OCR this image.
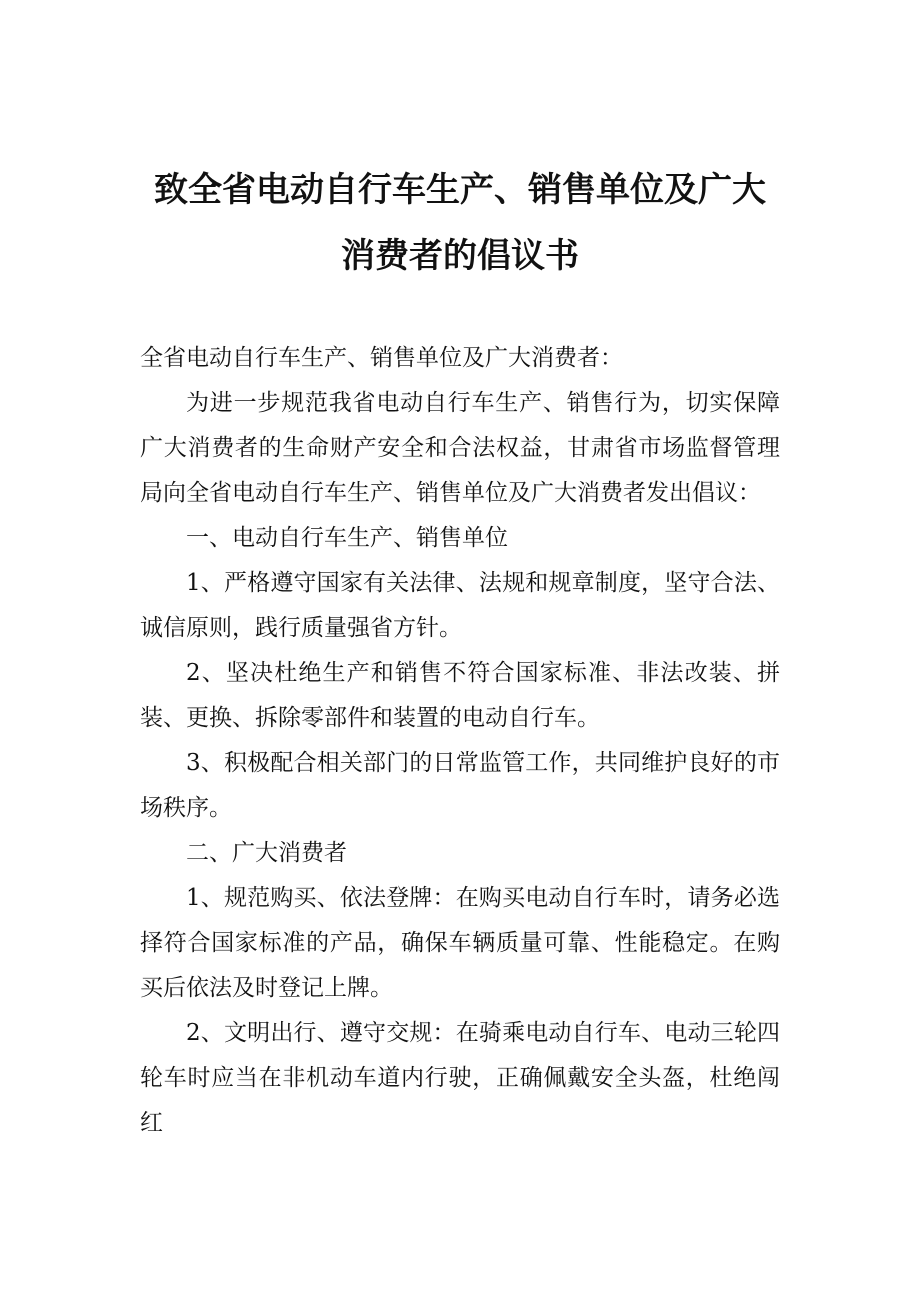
致全省电动自行车生产、销售单位及广大
消费者的倡议书

全省电动自行车生产、销售单位及广大消费者：

为进一步规范我省电动自行车生产、销售行为，切实保障广大消费者的生命财产安全和合法权益，甘肃省市场监督管理局向全省电动自行车生产、销售单位及广大消费者发出倡议：

一、电动自行车生产、销售单位

1、严格遵守国家有关法律、法规和规章制度，坚守合法、诚信原则，践行质量强省方针。

2、坚决杜绝生产和销售不符合国家标准、非法改装、拼装、更换、拆除零部件和装置的电动自行车。

3、积极配合相关部门的日常监管工作，共同维护良好的市场秩序。

二、广大消费者

1、规范购买、依法登牌：在购买电动自行车时，请务必选择符合国家标准的产品，确保车辆质量可靠、性能稳定。在购买后依法及时登记上牌。

2、文明出行、遵守交规：在骑乘电动自行车、电动三轮四轮车时应当在非机动车道内行驶，正确佩戴安全头盔，杜绝闯红
